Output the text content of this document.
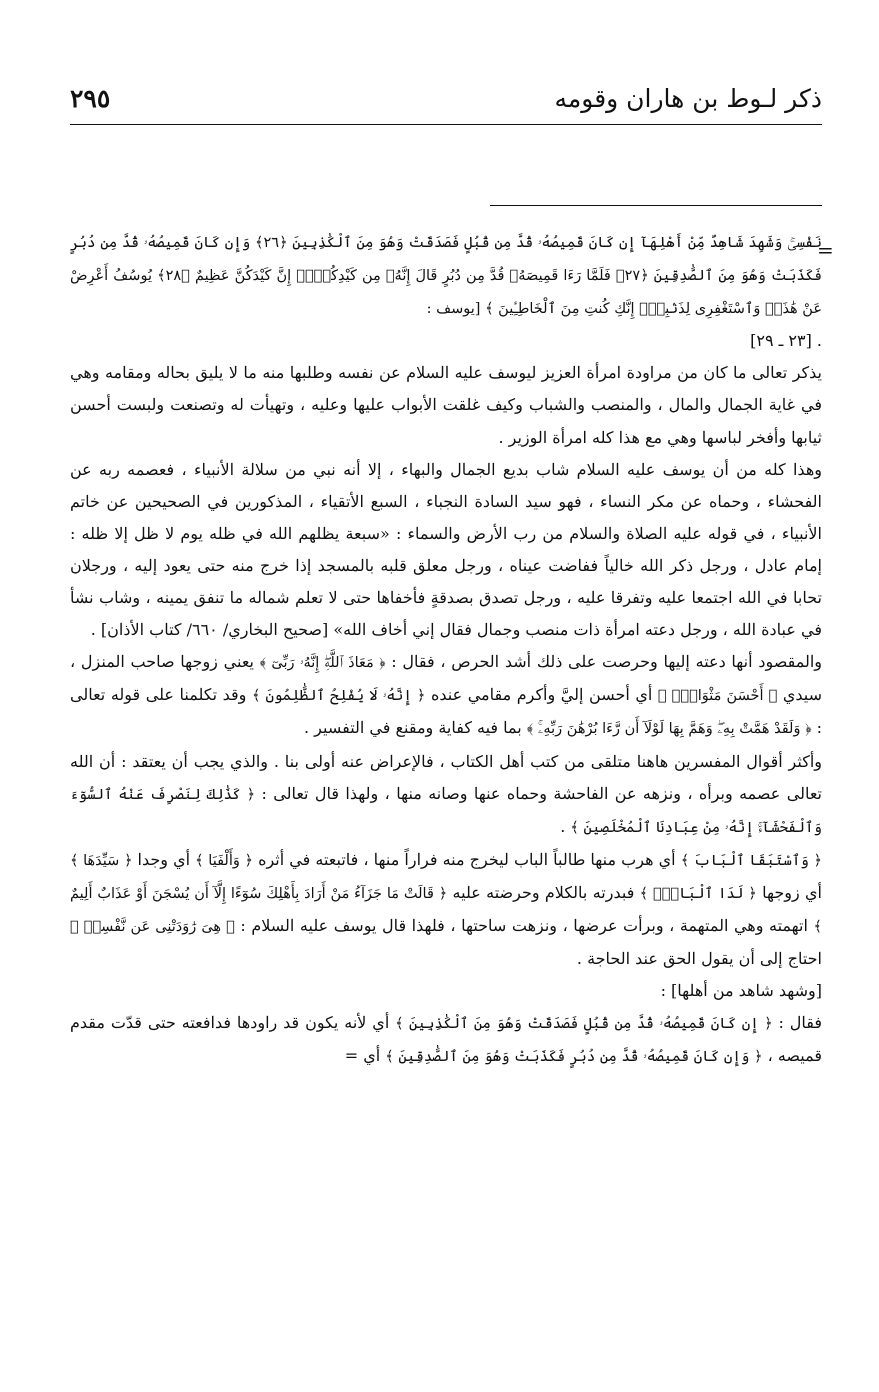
ذكر لـوط بن هاران وقومه
٢٩٥
=

نَفْسِىۚ وَشَهِدَ شَاهِدٌ مِّنْ أَهْلِهَآ إِن كَانَ قَمِيصُهُۥ قُدَّ مِن قُبُلٍ فَصَدَقَتْ وَهُوَ مِنَ ٱلْكَٰذِبِينَ ﴿٢٦﴾ وَإِن كَانَ قَمِيصُهُۥ قُدَّ مِن دُبُرٍ فَكَذَبَتْ وَهُوَ مِنَ ٱلصَّٰدِقِينَ ﴿٢٧﴾ فَلَمَّا رَءَا قَمِيصَهُۥ قُدَّ مِن دُبُرٍ قَالَ إِنَّهُۥ مِن كَيْدِكُنَّۖ إِنَّ كَيْدَكُنَّ عَظِيمٌ ﴿٢٨﴾ يُوسُفُ أَعْرِضْ عَنْ هَٰذَاۚ وَٱسْتَغْفِرِى لِذَنۢبِكِۖ إِنَّكِ كُنتِ مِنَ ٱلْخَاطِـِٔينَ ﴾ [يوسف :

. [٢٣ ـ ٢٩]

يذكر تعالى ما كان من مراودة امرأة العزيز ليوسف عليه السلام عن نفسه وطلبها منه ما لا يليق بحاله ومقامه وهي في غاية الجمال والمال ، والمنصب والشباب وكيف غلقت الأبواب عليها وعليه ، وتهيأت له وتصنعت ولبست أحسن ثيابها وأفخر لباسها وهي مع هذا كله امرأة الوزير .

وهذا كله من أن يوسف عليه السلام شاب بديع الجمال والبهاء ، إلا أنه نبي من سلالة الأنبياء ، فعصمه ربه عن الفحشاء ، وحماه عن مكر النساء ، فهو سيد السادة النجباء ، السبع الأتقياء ، المذكورين في الصحيحين عن خاتم الأنبياء ، في قوله عليه الصلاة والسلام من رب الأرض والسماء : «سبعة يظلهم الله في ظله يوم لا ظل إلا ظله : إمام عادل ، ورجل ذكر الله خالياً ففاضت عيناه ، ورجل معلق قلبه بالمسجد إذا خرج منه حتى يعود إليه ، ورجلان تحابا في الله اجتمعا عليه وتفرقا عليه ، ورجل تصدق بصدقةٍ فأخفاها حتى لا تعلم شماله ما تنفق يمينه ، وشاب نشأ في عبادة الله ، ورجل دعته امرأة ذات منصب وجمال فقال إني أخاف الله» [صحيح البخاري/ ٦٦٠/ كتاب الأذان] .

والمقصود أنها دعته إليها وحرصت على ذلك أشد الحرص ، فقال : ﴿ مَعَاذَ ٱللَّهِۖ إِنَّهُۥ رَبِّىٓ ﴾ يعني زوجها صاحب المنزل ، سيدي ﴿ أَحْسَنَ مَثْوَاىَۖ ﴾ أي أحسن إليَّ وأكرم مقامي عنده ﴿ إِنَّهُۥ لَا يُفْلِحُ ٱلظَّٰلِمُونَ ﴾ وقد تكلمنا على قوله تعالى : ﴿ وَلَقَدْ هَمَّتْ بِهِۦۖ وَهَمَّ بِهَا لَوْلَآ أَن رَّءَا بُرْهَٰنَ رَبِّهِۦۚ ﴾ بما فيه كفاية ومقنع في التفسير .

وأكثر أقوال المفسرين هاهنا متلقى من كتب أهل الكتاب ، فالإعراض عنه أولى بنا . والذي يجب أن يعتقد : أن الله تعالى عصمه وبرأه ، ونزهه عن الفاحشة وحماه عنها وصانه منها ، ولهذا قال تعالى : ﴿ كَذَٰلِكَ لِنَصْرِفَ عَنْهُ ٱلسُّوٓءَ وَٱلْفَحْشَآءَۚ إِنَّهُۥ مِنْ عِبَادِنَا ٱلْمُخْلَصِينَ ﴾ .

﴿ وَٱسْتَبَقَا ٱلْبَابَ ﴾ أي هرب منها طالباً الباب ليخرج منه فراراً منها ، فاتبعته في أثره ﴿ وَأَلْفَيَا ﴾ أي وجدا ﴿ سَيِّدَهَا ﴾ أي زوجها ﴿ لَدَا ٱلْبَابِۚ ﴾ فبدرته بالكلام وحرضته عليه ﴿ قَالَتْ مَا جَزَآءُ مَنْ أَرَادَ بِأَهْلِكَ سُوٓءًا إِلَّآ أَن يُسْجَنَ أَوْ عَذَابٌ أَلِيمٌ ﴾ اتهمته وهي المتهمة ، وبرأت عرضها ، ونزهت ساحتها ، فلهذا قال يوسف عليه السلام : ﴿ هِىَ رَٰوَدَتْنِى عَن نَّفْسِىۚ ﴾ احتاج إلى أن يقول الحق عند الحاجة .

[وشهد شاهد من أهلها] :

فقال : ﴿ إِن كَانَ قَمِيصُهُۥ قُدَّ مِن قُبُلٍ فَصَدَقَتْ وَهُوَ مِنَ ٱلْكَٰذِبِينَ ﴾ أي لأنه يكون قد راودها فدافعته حتى قدّت مقدم قميصه ، ﴿ وَإِن كَانَ قَمِيصُهُۥ قُدَّ مِن دُبُرٍ فَكَذَبَتْ وَهُوَ مِنَ ٱلصَّٰدِقِينَ ﴾ أي =
